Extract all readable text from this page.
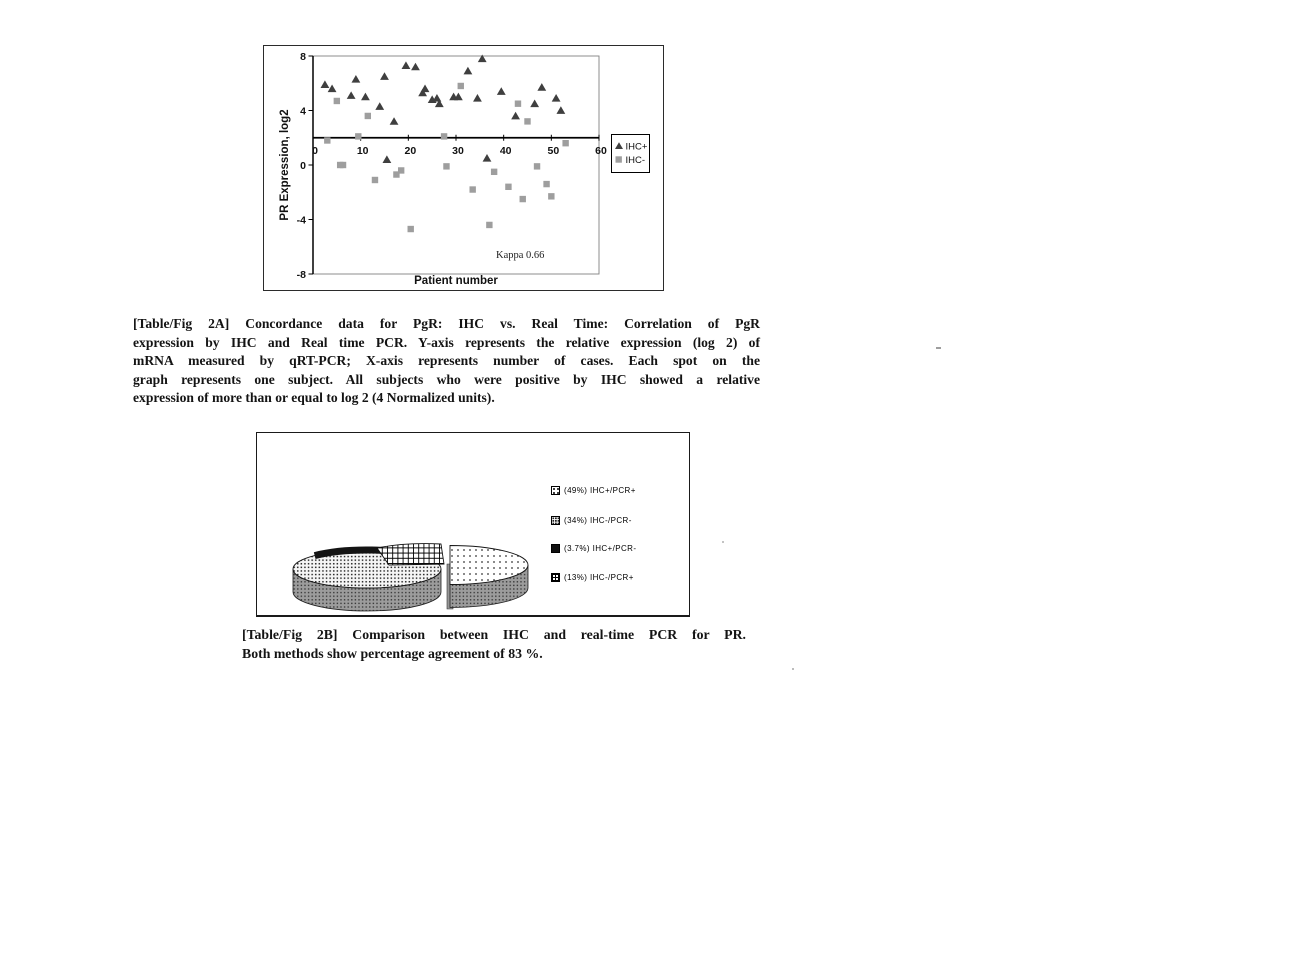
0	10	20	30	40	50	60
8
4
0
-4
-8
Patient number
PR Expression, log2
Kappa 0.66
IHC+
IHC-
[Table/Fig 2A] Concordance data for PgR: IHC vs. Real Time: Correlation of PgR
expression by IHC and Real time PCR. Y-axis represents the relative expression (log 2) of
mRNA measured by qRT-PCR; X-axis represents number of cases. Each spot on the
graph represents one subject. All subjects who were positive by IHC showed a relative
expression of more than or equal to log 2 (4 Normalized units).
(49%) IHC+/PCR+
(34%) IHC-/PCR-
(3.7%) IHC+/PCR-
(13%) IHC-/PCR+
[Table/Fig 2B] Comparison between IHC and real-time PCR for PR.
Both methods show percentage agreement of 83 %.
